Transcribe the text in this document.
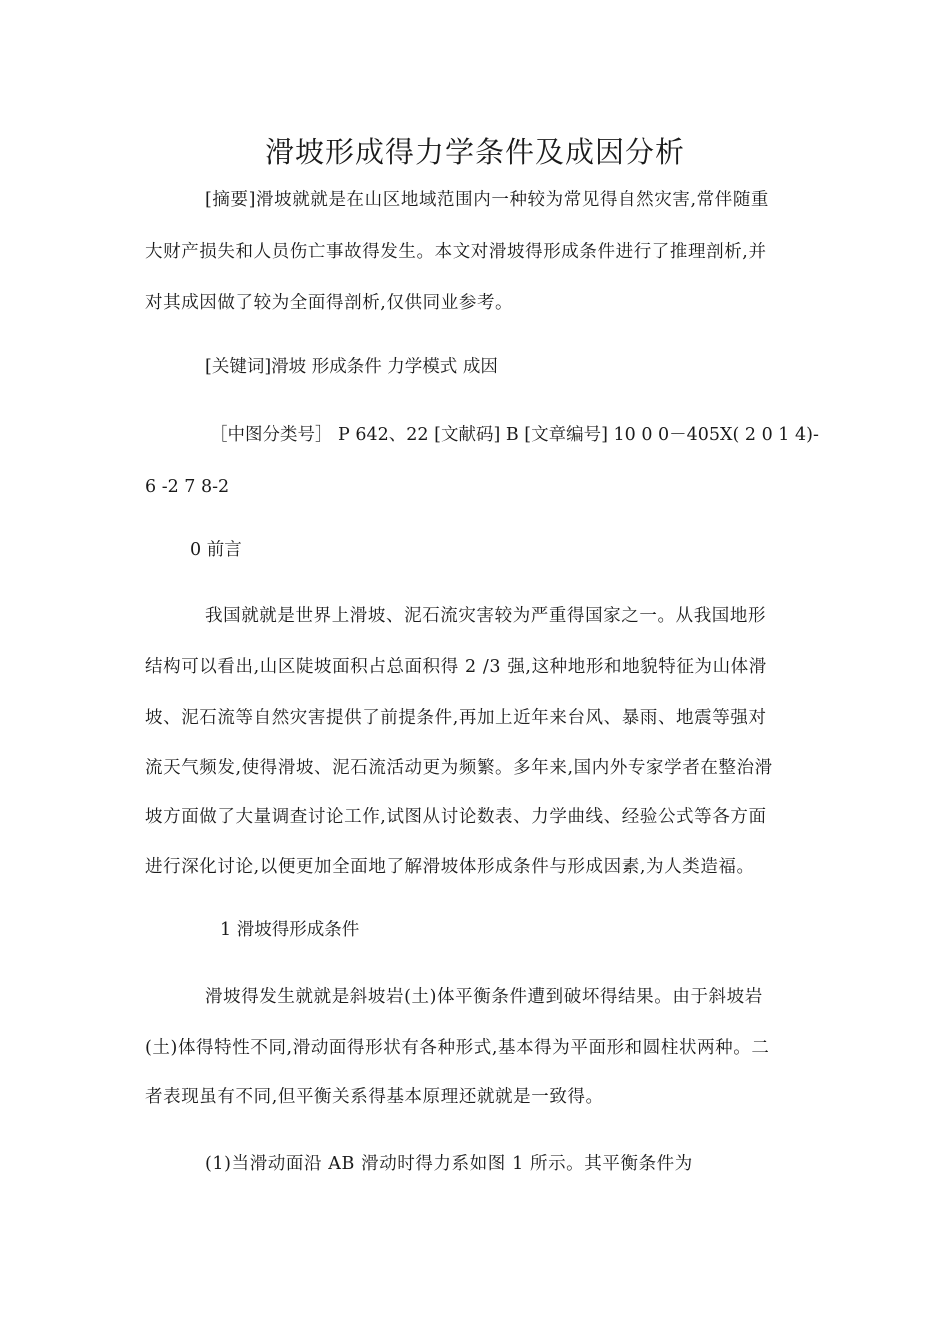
滑坡形成得力学条件及成因分析
[摘要]滑坡就就是在山区地域范围内一种较为常见得自然灾害,常伴随重
大财产损失和人员伤亡事故得发生。本文对滑坡得形成条件进行了推理剖析,并
对其成因做了较为全面得剖析,仅供同业参考。
[关键词]滑坡 形成条件 力学模式 成因
［中图分类号］ P 642、22 [文献码] B [文章编号] 10 0 0－405X( 2 0 1 4)-
6 -2 7 8-2
0 前言
我国就就是世界上滑坡、泥石流灾害较为严重得国家之一。从我国地形
结构可以看出,山区陡坡面积占总面积得 2 /3 强,这种地形和地貌特征为山体滑
坡、泥石流等自然灾害提供了前提条件,再加上近年来台风、暴雨、地震等强对
流天气频发,使得滑坡、泥石流活动更为频繁。多年来,国内外专家学者在整治滑
坡方面做了大量调查讨论工作,试图从讨论数表、力学曲线、经验公式等各方面
进行深化讨论,以便更加全面地了解滑坡体形成条件与形成因素,为人类造福。
1 滑坡得形成条件
滑坡得发生就就是斜坡岩(土)体平衡条件遭到破坏得结果。由于斜坡岩
(土)体得特性不同,滑动面得形状有各种形式,基本得为平面形和圆柱状两种。二
者表现虽有不同,但平衡关系得基本原理还就就是一致得。
(1)当滑动面沿 AB 滑动时得力系如图 1 所示。其平衡条件为
